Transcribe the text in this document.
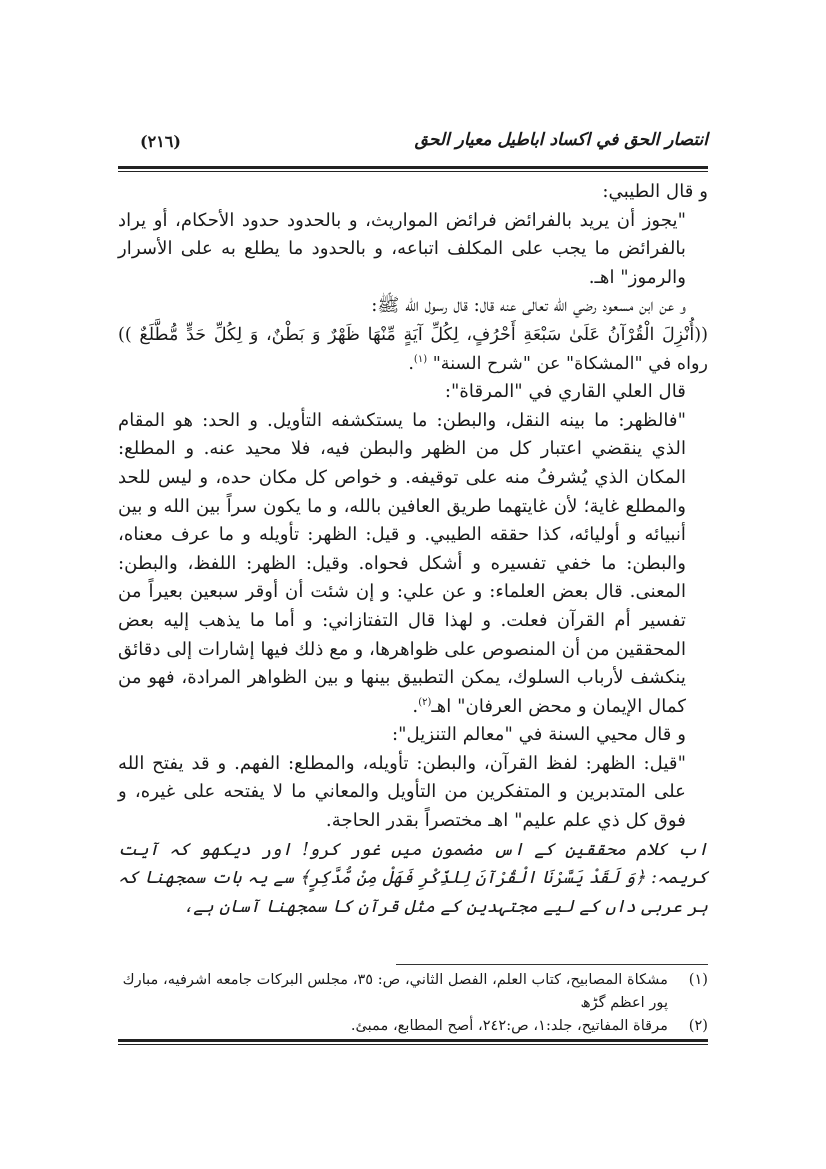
انتصار الحق في اكساد اباطيل معيار الحق
(٢١٦)

و قال الطيبي:

"يجوز أن يريد بالفرائض فرائض المواريث، و بالحدود حدود الأحكام، أو يراد بالفرائض ما يجب على المكلف اتباعه، و بالحدود ما يطلع به على الأسرار والرموز" اهـ.

و عن ابن مسعود رضي الله تعالى عنه قال: قال رسول الله ﷺ:

((أُنْزِلَ الْقُرْآنُ عَلَىٰ سَبْعَةِ أَحْرُفٍ، لِكُلِّ آيَةٍ مِّنْهَا ظَهْرٌ وَ بَطْنٌ، وَ لِكُلِّ حَدٍّ مُّطَّلَعٌ )) رواه في "المشكاة" عن "شرح السنة" $^{(١)}$.

قال العلي القاري في "المرقاة":

"فالظهر: ما بينه النقل، والبطن: ما يستكشفه التأويل. و الحد: هو المقام الذي ينقضي اعتبار كل من الظهر والبطن فيه، فلا محيد عنه. و المطلع: المكان الذي يُشرفُ منه على توقيفه. و خواص كل مكان حده، و ليس للحد والمطلع غاية؛ لأن غايتهما طريق العافين بالله، و ما يكون سراً بين الله و بين أنبيائه و أوليائه، كذا حققه الطيبي. و قيل: الظهر: تأويله و ما عرف معناه، والبطن: ما خفي تفسيره و أشكل فحواه. وقيل: الظهر: اللفظ، والبطن: المعنى. قال بعض العلماء: و عن علي: و إن شئت أن أوقر سبعين بعيراً من تفسير أم القرآن فعلت. و لهذا قال التفتازاني: و أما ما يذهب إليه بعض المحققين من أن المنصوص على ظواهرها، و مع ذلك فيها إشارات إلى دقائق ينكشف لأرباب السلوك، يمكن التطبيق بينها و بين الظواهر المرادة، فهو من كمال الإيمان و محض العرفان" اهـ$^{(٢)}$.

و قال محيي السنة في "معالم التنزيل":

"قيل: الظهر: لفظ القرآن، والبطن: تأويله، والمطلع: الفهم. و قد يفتح الله على المتدبرين و المتفكرين من التأويل والمعاني ما لا يفتحه على غيره، و فوق كل ذي علم عليم" اهـ مختصراً بقدر الحاجة.

اب کلام محققین کے اس مضمون میں غور کرو! اور دیکھو کہ آیت کریمہ: ﴿وَ لَقَدْ يَسَّرْنَا الْقُرْآنَ لِلذِّكْرِ فَهَلْ مِنْ مُّدَّكِرٍ﴾ سے یہ بات سمجھنا کہ ہر عربی داں کے لیے مجتہدین کے مثل قرآن کا سمجھنا آسان ہے،

(١)
مشكاة المصابيح، كتاب العلم، الفصل الثاني، ص: ٣٥، مجلس البركات جامعه اشرفيه، مبارك پور اعظم گڑھ
(٢)
مرقاة المفاتيح، جلد:١، ص:٢٤٢، أصح المطابع، ممبئ.
